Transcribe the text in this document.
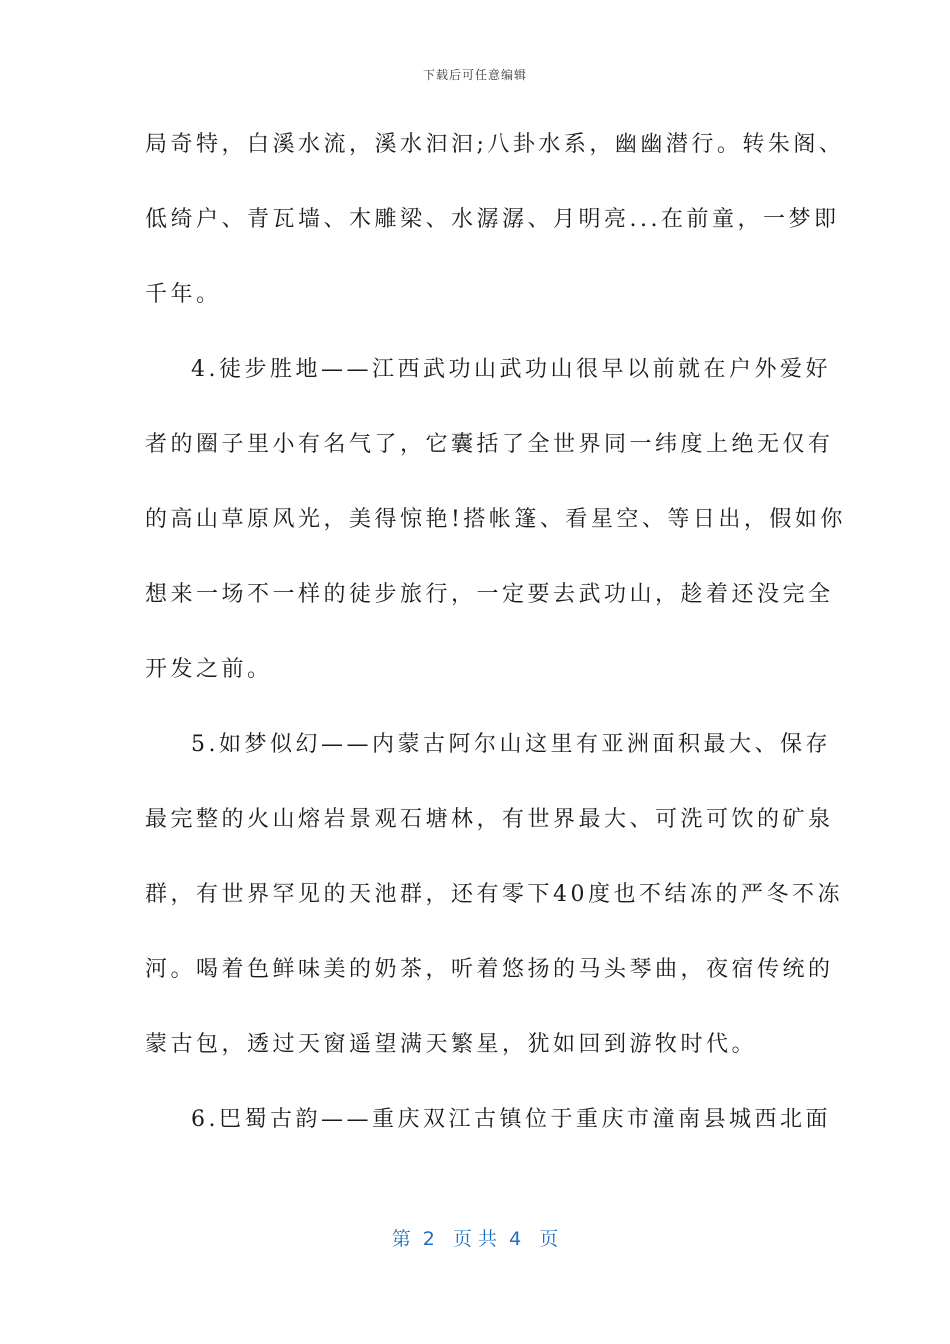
下载后可任意编辑
局奇特，白溪水流，溪水汩汩;八卦水系，幽幽潜行。转朱阁、
低绮户、青瓦墙、木雕梁、水潺潺、月明亮...在前童，一梦即
千年。
4.徒步胜地——江西武功山武功山很早以前就在户外爱好
者的圈子里小有名气了，它囊括了全世界同一纬度上绝无仅有
的高山草原风光，美得惊艳!搭帐篷、看星空、等日出，假如你
想来一场不一样的徒步旅行，一定要去武功山，趁着还没完全
开发之前。
5.如梦似幻——内蒙古阿尔山这里有亚洲面积最大、保存
最完整的火山熔岩景观石塘林，有世界最大、可洗可饮的矿泉
群，有世界罕见的天池群，还有零下40度也不结冻的严冬不冻
河。喝着色鲜味美的奶茶，听着悠扬的马头琴曲，夜宿传统的
蒙古包，透过天窗遥望满天繁星，犹如回到游牧时代。
6.巴蜀古韵——重庆双江古镇位于重庆市潼南县城西北面
第  2   页 共  4   页
